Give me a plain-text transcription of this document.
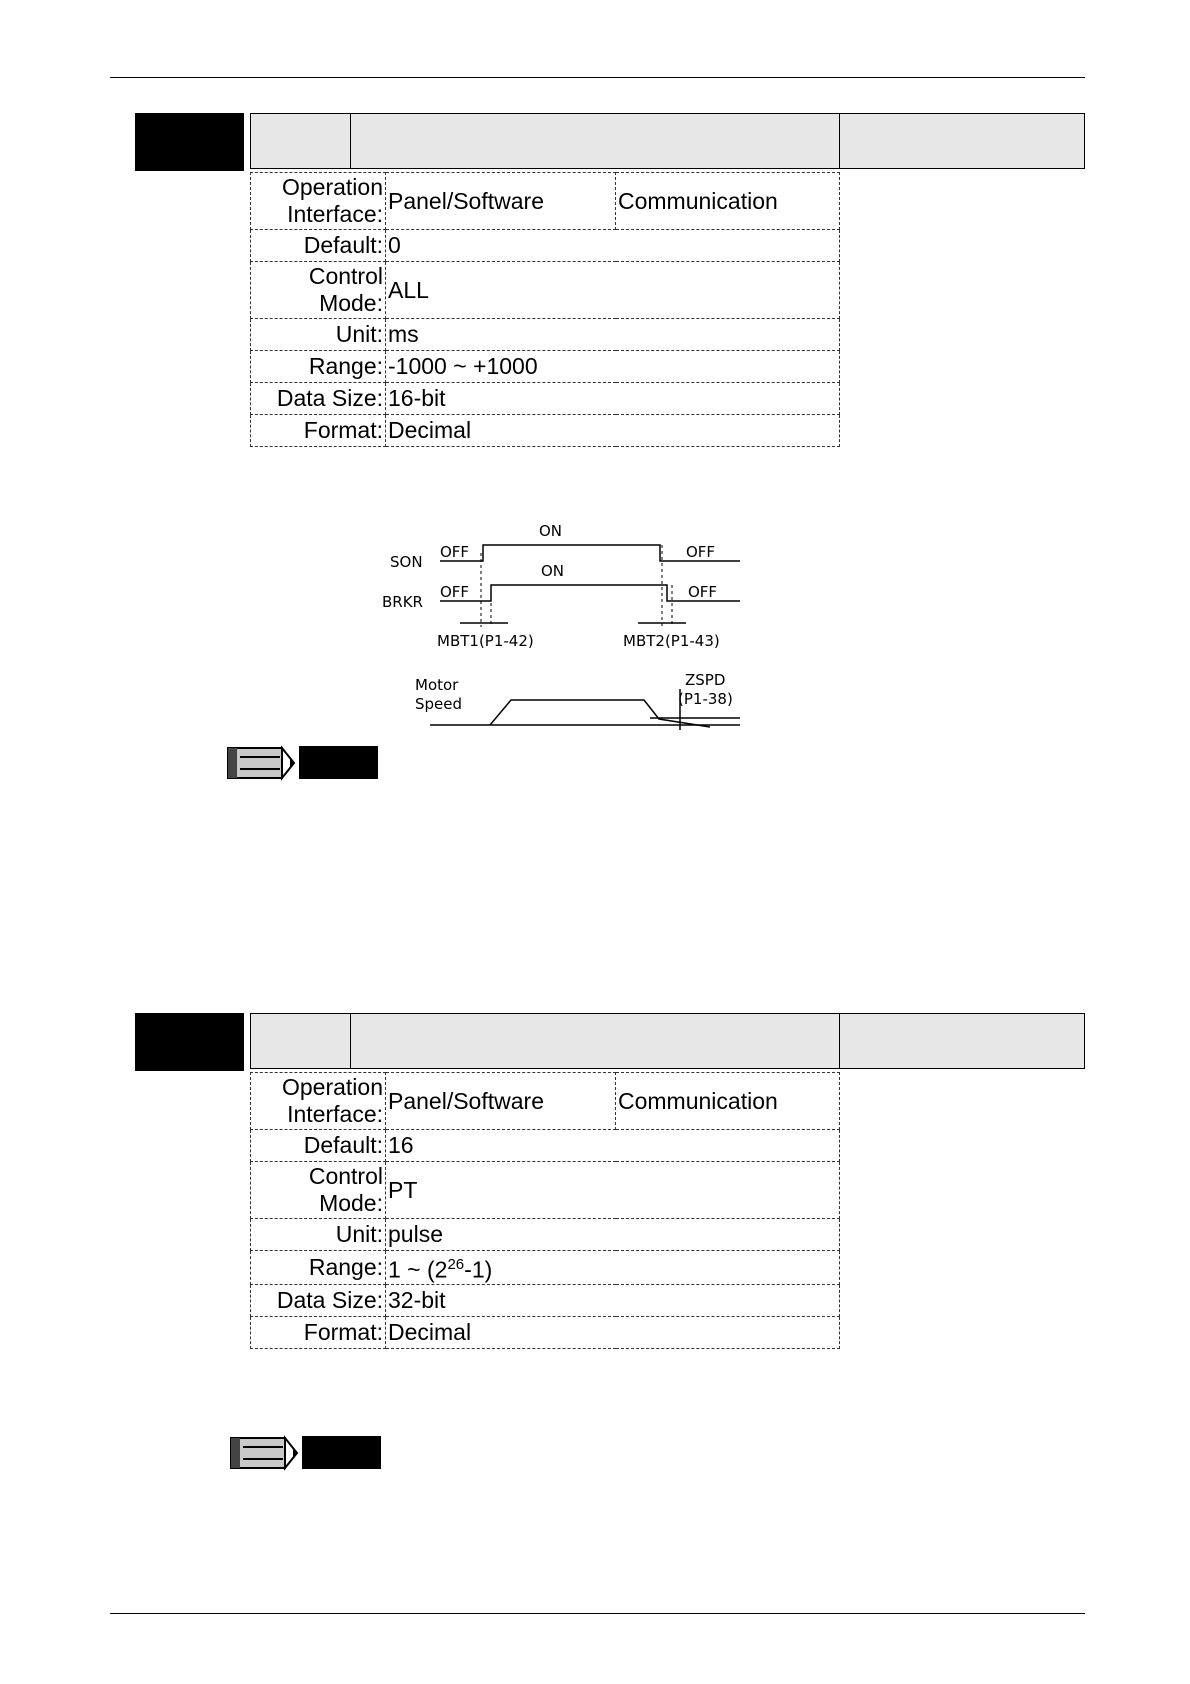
Operation Interface:	Panel/Software	Communication
Default:	0	
Control Mode:	ALL	
Unit:	ms	
Range:	-1000 ~ +1000	
Data Size:	16-bit	
Format:	Decimal	
SON
BRKR
ON
OFF	OFF
ON
OFF	OFF
MBT1(P1-42)	MBT2(P1-43)
Motor
Speed
ZSPD
(P1-38)
Operation Interface:	Panel/Software	Communication
Default:	16	
Control Mode:	PT	
Unit:	pulse	
Range:	1 ~ $(2^{26}-1)$	
Data Size:	32-bit	
Format:	Decimal	
